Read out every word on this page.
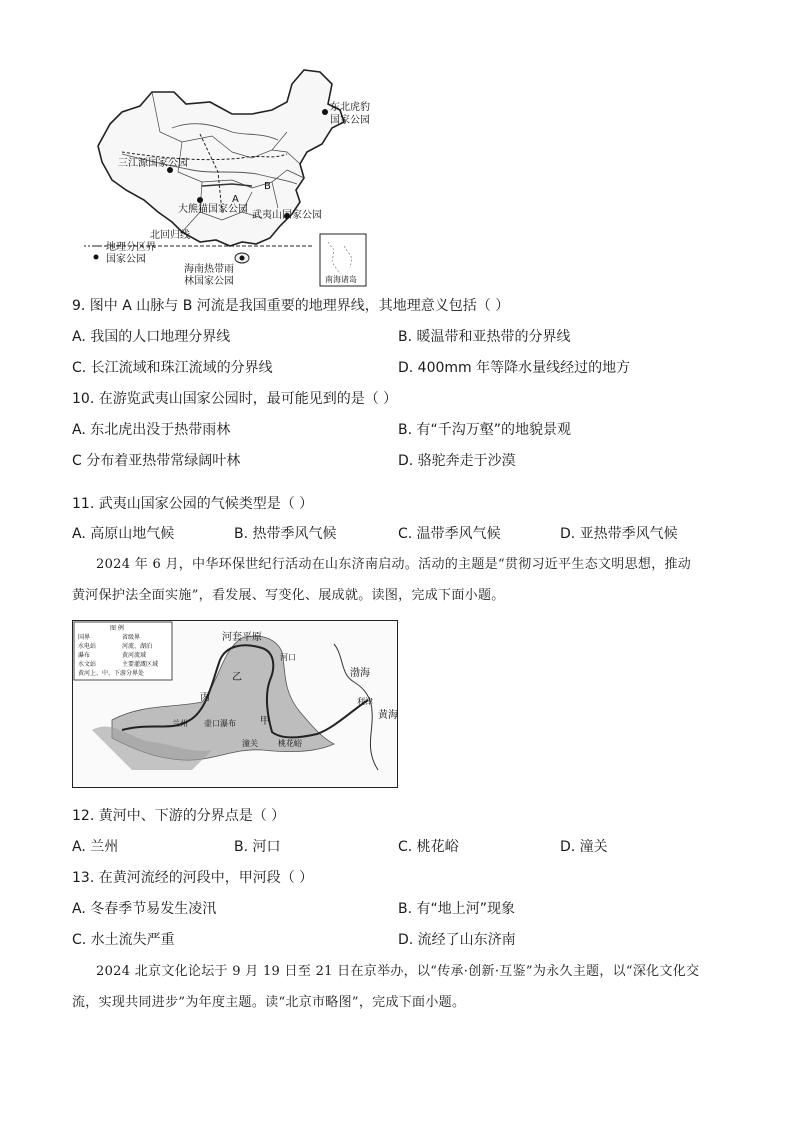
东北虎豹
国家公园
三江源国家公园
大熊猫国家公园
武夷山国家公园
B
A
北回归线
海南热带雨
林国家公园
地理分区界
国家公园
南海诸岛
9. 图中 A 山脉与 B 河流是我国重要的地理界线，其地理意义包括（ ）
A. 我国的人口地理分界线	B. 暖温带和亚热带的分界线
C. 长江流域和珠江流域的分界线	D. 400mm 年等降水量线经过的地方
10. 在游览武夷山国家公园时，最可能见到的是（ ）
A. 东北虎出没于热带雨林	B. 有“千沟万壑”的地貌景观
C 分布着亚热带常绿阔叶林	D. 骆驼奔走于沙漠
11. 武夷山国家公园的气候类型是（ ）
A. 高原山地气候	B. 热带季风气候	C. 温带季风气候	D. 亚热带季风气候
2024 年 6 月，中华环保世纪行活动在山东济南启动。活动的主题是“贯彻习近平生态文明思想，推动
黄河保护法全面实施”，看发展、写变化、展成就。读图，完成下面小题。
图 例
国界	省级界
水电站	河流、湖泊
瀑布	黄河流域
水文站	主要灌溉区域
黄河上、中、下游分界处
河套平原
河口
渤海
利津
黄海
兰州 壶口瀑布 甲
乙
丙
潼关	桃花峪
12. 黄河中、下游的分界点是（ ）
A. 兰州	B. 河口	C. 桃花峪	D. 潼关
13. 在黄河流经的河段中，甲河段（ ）
A. 冬春季节易发生凌汛	B. 有“地上河”现象
C. 水土流失严重	D. 流经了山东济南
2024 北京文化论坛于 9 月 19 日至 21 日在京举办，以“传承·创新·互鉴”为永久主题，以“深化文化交
流，实现共同进步”为年度主题。读“北京市略图”，完成下面小题。
